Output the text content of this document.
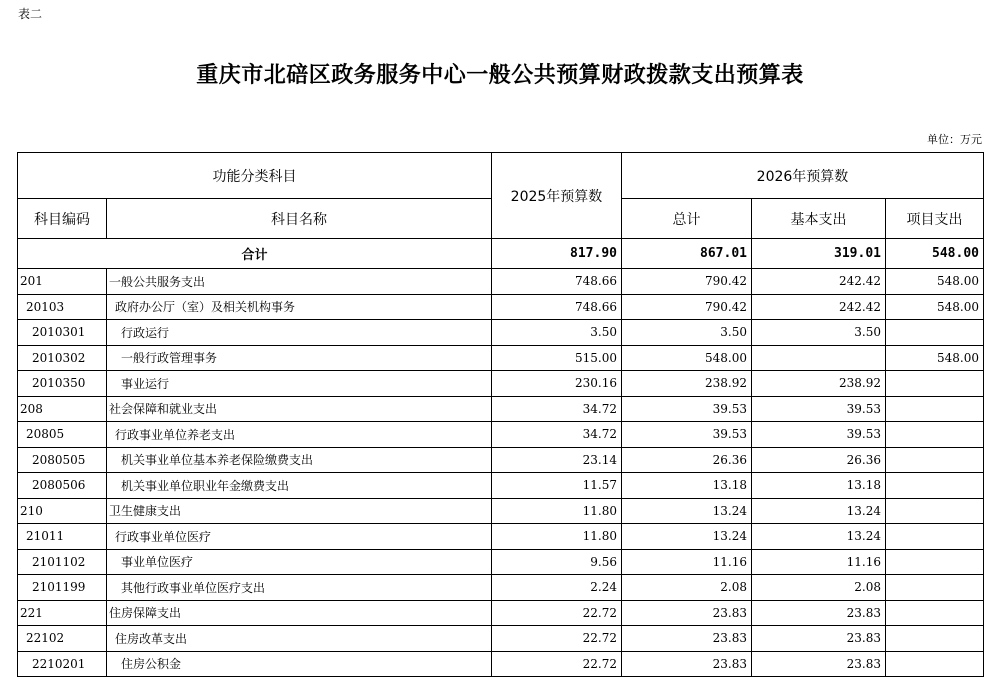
表二
重庆市北碚区政务服务中心一般公共预算财政拨款支出预算表
单位：万元
功能分类科目		2025年预算数	2026年预算数		
科目编码	科目名称		总计	基本支出	项目支出
合计		817.90	867.01	319.01	548.00
201	一般公共服务支出	748.66	790.42	242.42	548.00
20103	政府办公厅（室）及相关机构事务	748.66	790.42	242.42	548.00
2010301	行政运行	3.50	3.50	3.50	
2010302	一般行政管理事务	515.00	548.00		548.00
2010350	事业运行	230.16	238.92	238.92	
208	社会保障和就业支出	34.72	39.53	39.53	
20805	行政事业单位养老支出	34.72	39.53	39.53	
2080505	机关事业单位基本养老保险缴费支出	23.14	26.36	26.36	
2080506	机关事业单位职业年金缴费支出	11.57	13.18	13.18	
210	卫生健康支出	11.80	13.24	13.24	
21011	行政事业单位医疗	11.80	13.24	13.24	
2101102	事业单位医疗	9.56	11.16	11.16	
2101199	其他行政事业单位医疗支出	2.24	2.08	2.08	
221	住房保障支出	22.72	23.83	23.83	
22102	住房改革支出	22.72	23.83	23.83	
2210201	住房公积金	22.72	23.83	23.83	
